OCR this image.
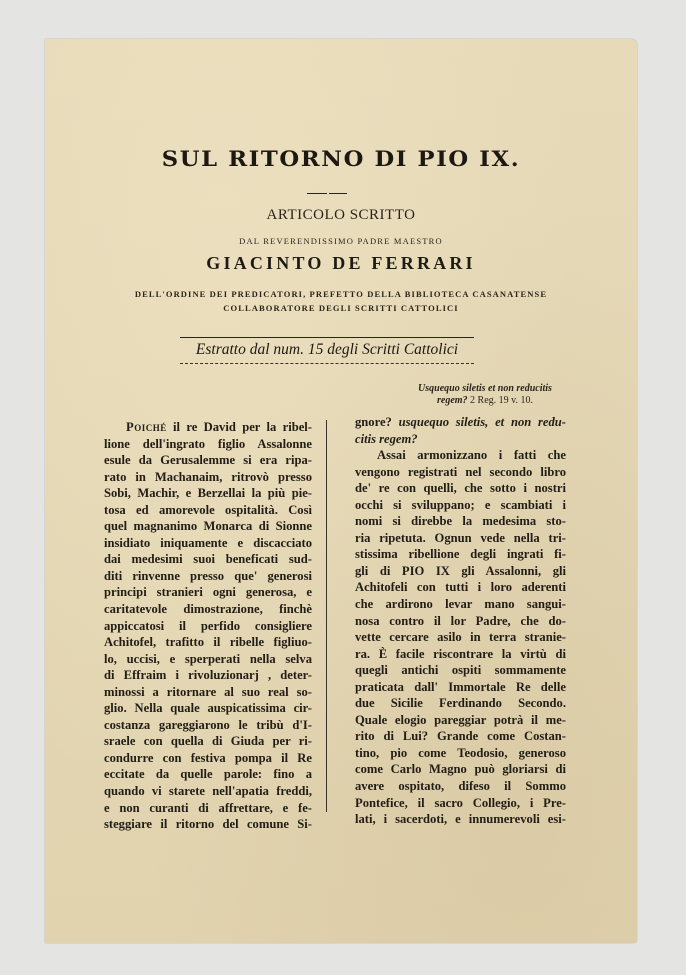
SUL RITORNO DI PIO IX.
ARTICOLO SCRITTO
DAL REVERENDISSIMO PADRE MAESTRO
GIACINTO DE FERRARI
DELL'ORDINE DEI PREDICATORI, PREFETTO DELLA BIBLIOTECA CASANATENSE
COLLABORATORE DEGLI SCRITTI CATTOLICI
Estratto dal num. 15 degli Scritti Cattolici
Usquequo siletis et non reducitis
regem? 2 Reg. 19 v. 10.
Poiché il re David per la ribel-
lione dell'ingrato figlio Assalonne
esule da Gerusalemme si era ripa-
rato in Machanaim, ritrovò presso
Sobi, Machir, e Berzellai la più pie-
tosa ed amorevole ospitalità. Così
quel magnanimo Monarca di Sionne
insidiato iniquamente e discacciato
dai medesimi suoi beneficati sud-
diti rinvenne presso que' generosi
principi stranieri ogni generosa, e
caritatevole dimostrazione, finchè
appiccatosi il perfido consigliere
Achitofel, trafitto il ribelle figliuo-
lo, uccisi, e sperperati nella selva
di Effraim i rivoluzionarj , deter-
minossi a ritornare al suo real so-
glio. Nella quale auspicatissima cir-
costanza gareggiarono le tribù d'I-
sraele con quella di Giuda per ri-
condurre con festiva pompa il Re
eccitate da quelle parole: fino a
quando vi starete nell'apatia freddi,
e non curanti di affrettare, e fe-
steggiare il ritorno del comune Si-
gnore? usquequo siletis, et non redu-
citis regem?
Assai armonizzano i fatti che
vengono registrati nel secondo libro
de' re con quelli, che sotto i nostri
occhi si sviluppano; e scambiati i
nomi si direbbe la medesima sto-
ria ripetuta. Ognun vede nella tri-
stissima ribellione degli ingrati fi-
gli di PIO IX gli Assalonni, gli
Achitofeli con tutti i loro aderenti
che ardirono levar mano sangui-
nosa contro il lor Padre, che do-
vette cercare asilo in terra stranie-
ra. È facile riscontrare la virtù di
quegli antichi ospiti sommamente
praticata dall' Immortale Re delle
due Sicilie Ferdinando Secondo.
Quale elogio pareggiar potrà il me-
rito di Lui? Grande come Costan-
tino, pio come Teodosio, generoso
come Carlo Magno può gloriarsi di
avere ospitato, difeso il Sommo
Pontefice, il sacro Collegio, i Pre-
lati, i sacerdoti, e innumerevoli esi-
